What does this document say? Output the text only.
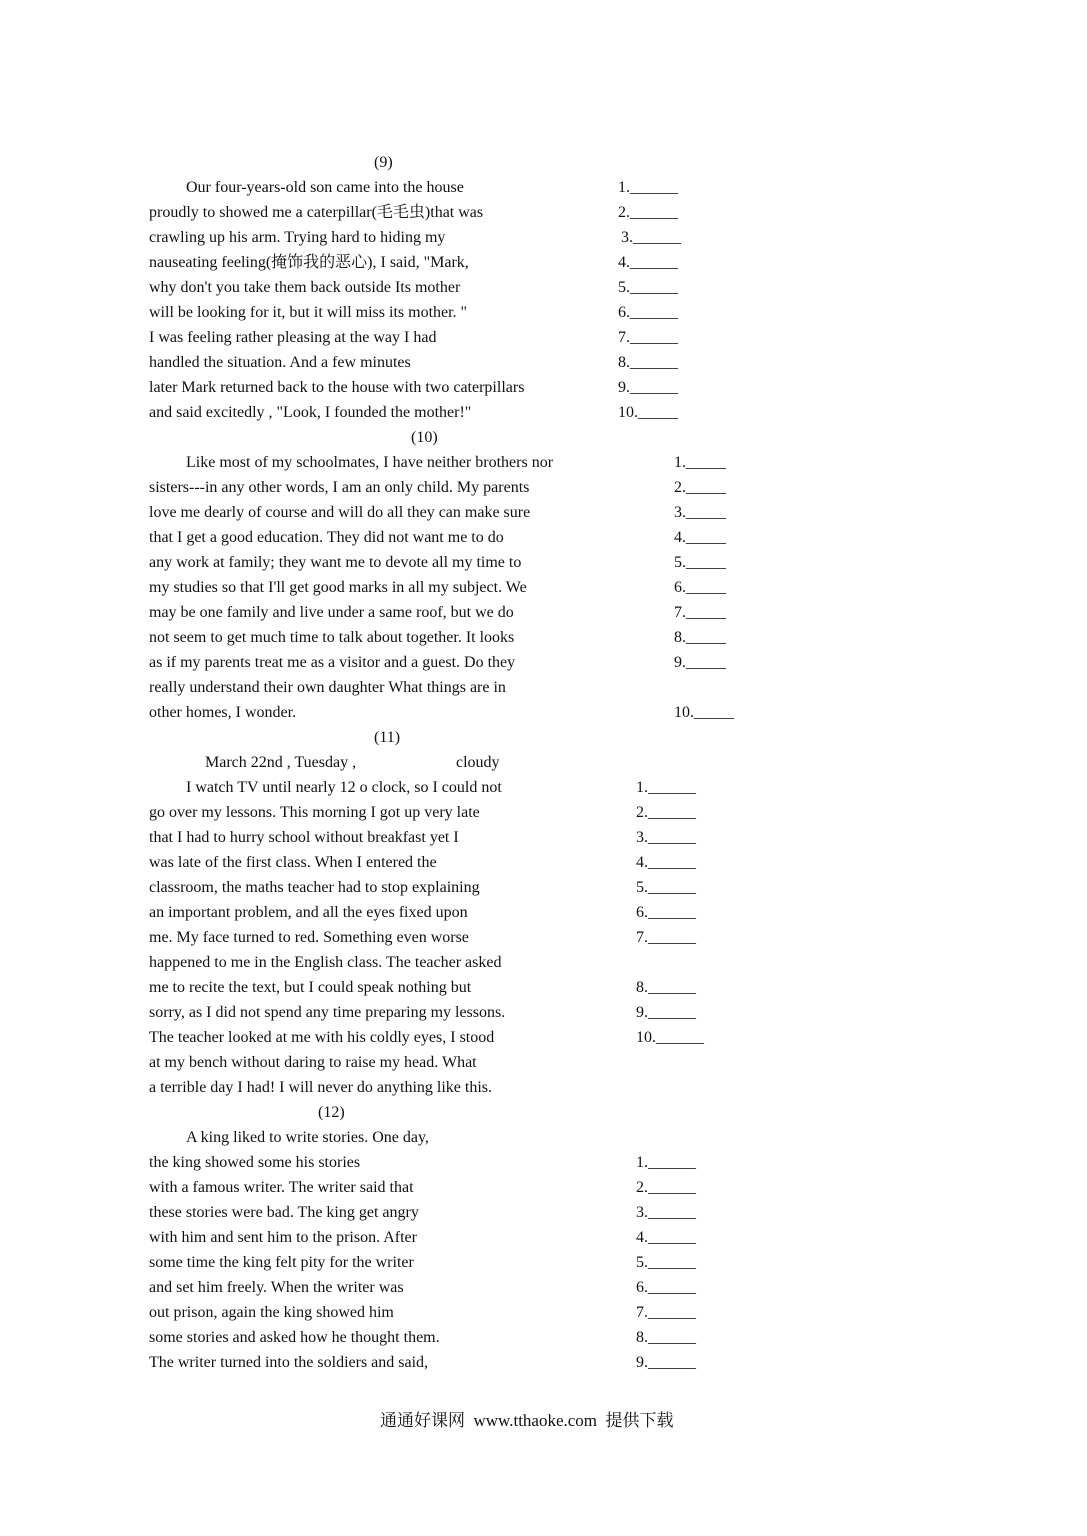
(9)
Our four-years-old son came into the house
proudly to showed me a caterpillar(毛毛虫)that was
crawling up his arm. Trying hard to hiding my
nauseating feeling(掩饰我的恶心), I said, "Mark,
why don't you take them back outside Its mother
will be looking for it, but it will miss its mother. "
I was feeling rather pleasing at the way I had
handled the situation. And a few minutes
later Mark returned back to the house with two caterpillars
and said excitedly , "Look, I founded the mother!"
1.______
2.______
3.______
4.______
5.______
6.______
7.______
8.______
9.______
10._____
(10)
Like most of my schoolmates, I have neither brothers nor
sisters---in any other words, I am an only child. My parents
love me dearly of course and will do all they can make sure
that I get a good education. They did not want me to do
any work at family; they want me to devote all my time to
my studies so that I'll get good marks in all my subject. We
may be one family and live under a same roof, but we do
not seem to get much time to talk about together. It looks
as if my parents treat me as a visitor and a guest. Do they
really understand their own daughter What things are in
other homes, I wonder.
1._____
2._____
3._____
4._____
5._____
6._____
7._____
8._____
9._____
10._____
(11)
March 22nd , Tuesday ,	cloudy
I watch TV until nearly 12 o clock, so I could not
go over my lessons. This morning I got up very late
that I had to hurry school without breakfast yet I
was late of the first class. When I entered the
classroom, the maths teacher had to stop explaining
an important problem, and all the eyes fixed upon
me. My face turned to red. Something even worse
happened to me in the English class. The teacher asked
me to recite the text, but I could speak nothing but
sorry, as I did not spend any time preparing my lessons.
The teacher looked at me with his coldly eyes, I stood
at my bench without daring to raise my head. What
a terrible day I had! I will never do anything like this.
1.______
2.______
3.______
4.______
5.______
6.______
7.______
8.______
9.______
10.______
(12)
A king liked to write stories. One day,
the king showed some his stories
with a famous writer. The writer said that
these stories were bad. The king get angry
with him and sent him to the prison. After
some time the king felt pity for the writer
and set him freely. When the writer was
out prison, again the king showed him
some stories and asked how he thought them.
The writer turned into the soldiers and said,
1.______
2.______
3.______
4.______
5.______
6.______
7.______
8.______
9.______
通通好课网  www.tthaoke.com  提供下载
